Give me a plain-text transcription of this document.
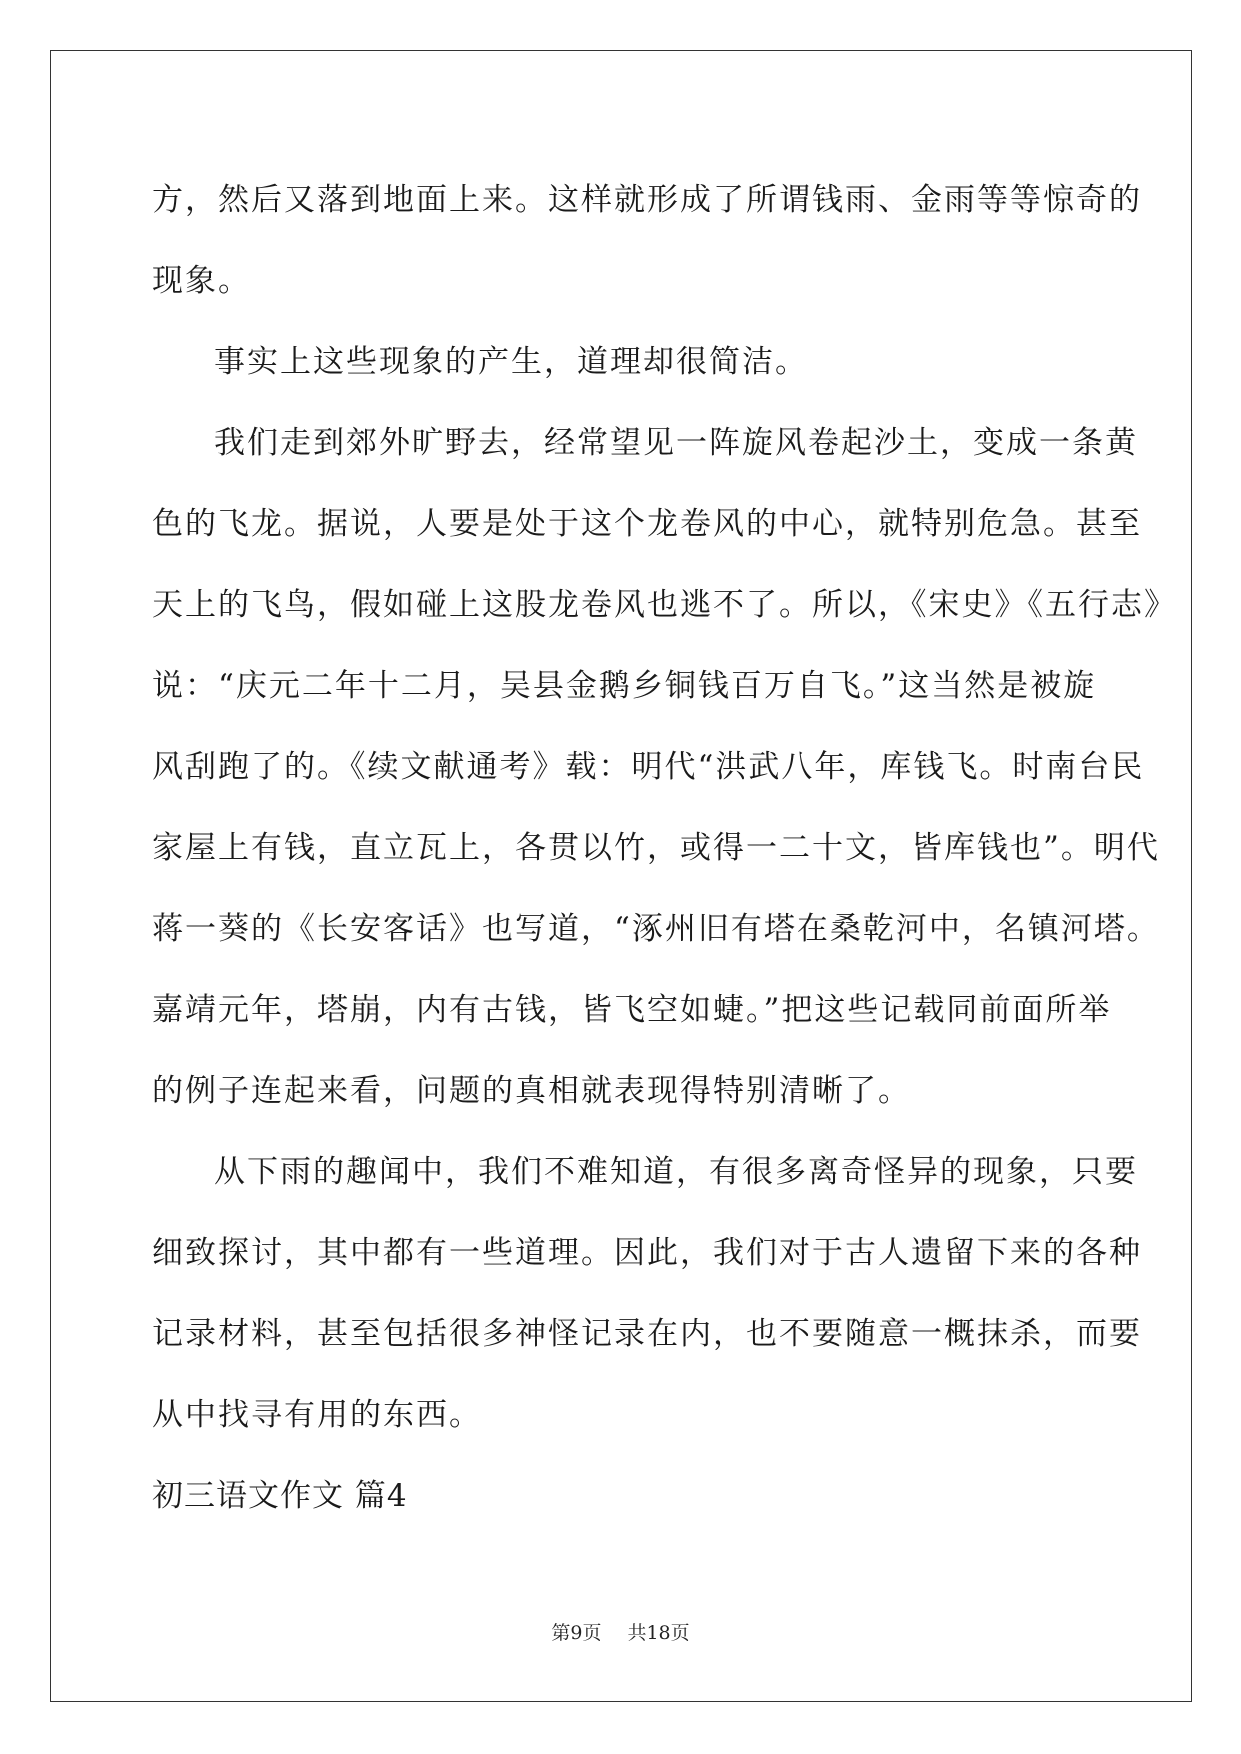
方，然后又落到地面上来。这样就形成了所谓钱雨、金雨等等惊奇的
现象。
事实上这些现象的产生，道理却很简洁。
我们走到郊外旷野去，经常望见一阵旋风卷起沙土，变成一条黄
色的飞龙。据说，人要是处于这个龙卷风的中心，就特别危急。甚至
天上的飞鸟，假如碰上这股龙卷风也逃不了。所以，《宋史》《五行志》
说：“庆元二年十二月，吴县金鹅乡铜钱百万自飞。”这当然是被旋
风刮跑了的。《续文献通考》载：明代“洪武八年，库钱飞。时南台民
家屋上有钱，直立瓦上，各贯以竹，或得一二十文，皆库钱也”。明代
蒋一葵的《长安客话》也写道，“涿州旧有塔在桑乾河中，名镇河塔。
嘉靖元年，塔崩，内有古钱，皆飞空如蜨。”把这些记载同前面所举
的例子连起来看，问题的真相就表现得特别清晰了。
从下雨的趣闻中，我们不难知道，有很多离奇怪异的现象，只要
细致探讨，其中都有一些道理。因此，我们对于古人遗留下来的各种
记录材料，甚至包括很多神怪记录在内，也不要随意一概抹杀，而要
从中找寻有用的东西。
初三语文作文 篇4
第9页 共18页
